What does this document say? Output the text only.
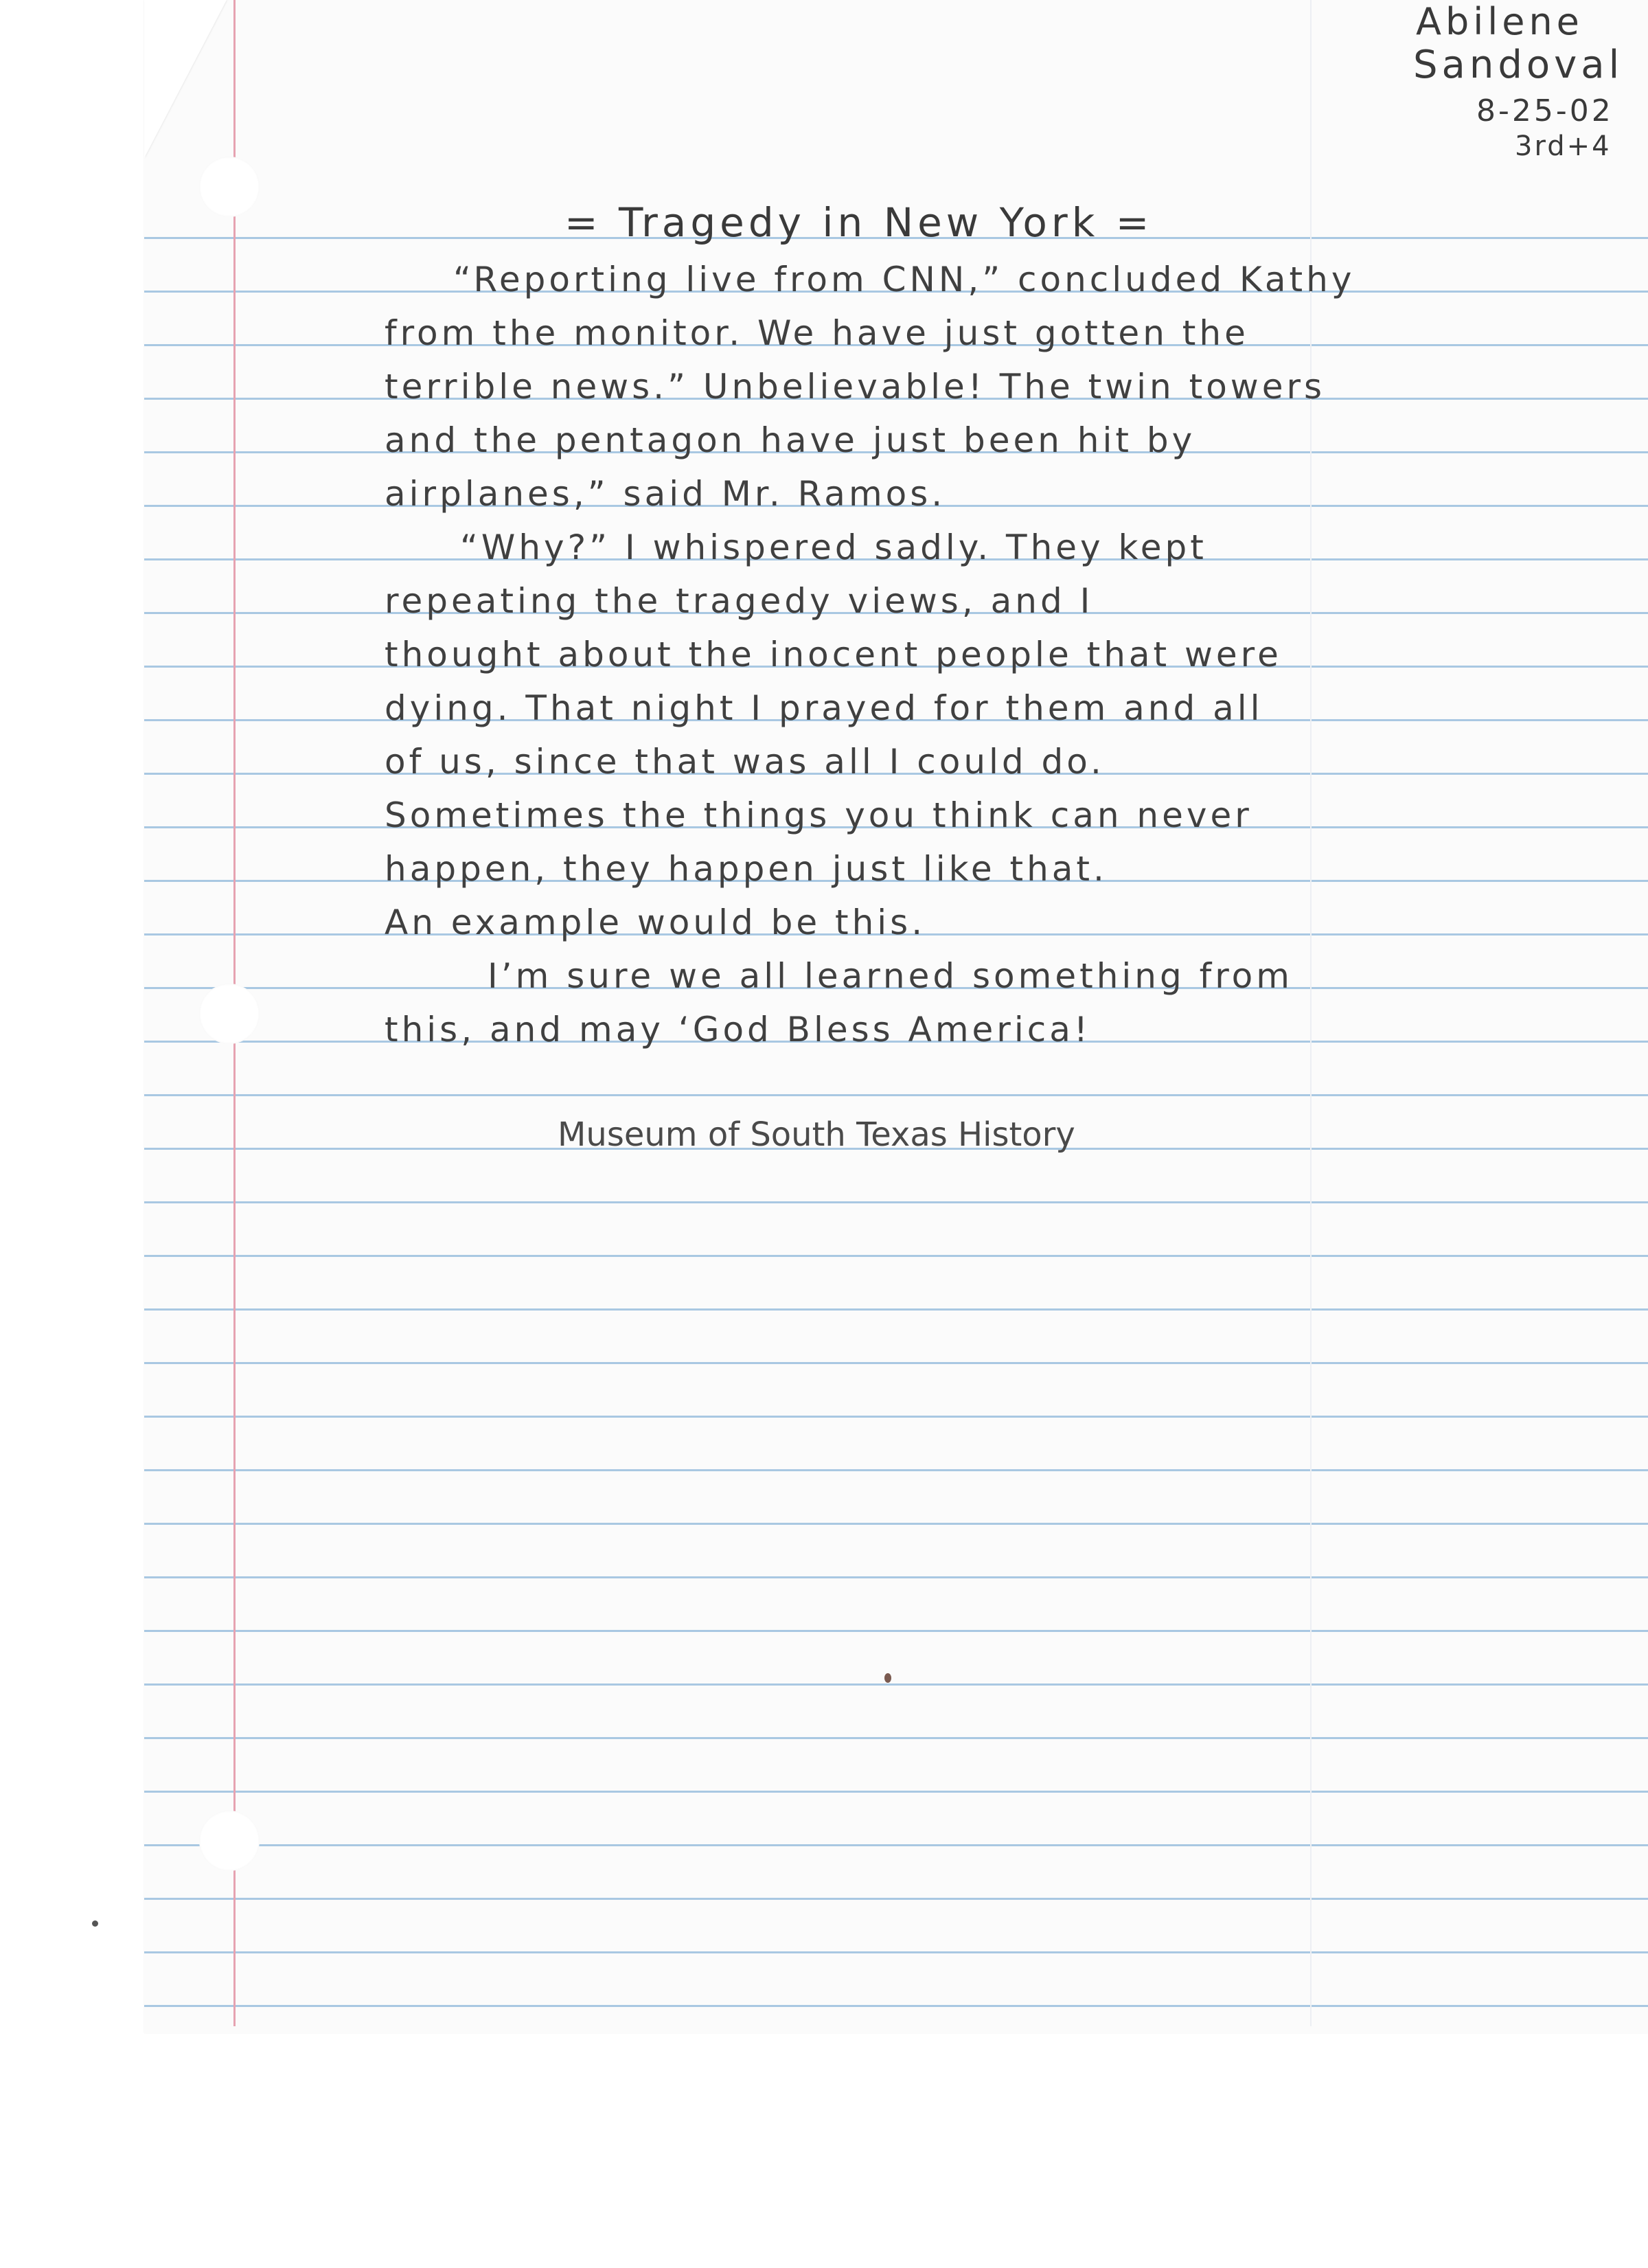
Abilene
Sandoval
8-25-02
3rd+4
= Tragedy in New York =
“Reporting live from CNN,” concluded Kathy
from the monitor. We have just gotten the
terrible news.” Unbelievable! The twin towers
and the pentagon have just been hit by
airplanes,” said Mr. Ramos.
“Why?” I whispered sadly. They kept
repeating the tragedy views, and I
thought about the inocent people that were
dying. That night I prayed for them and all
of us, since that was all I could do.
Sometimes the things you think can never
happen, they happen just like that.
An example would be this.
I’m sure we all learned something from
this, and may ‘God Bless America!
Museum of South Texas History
